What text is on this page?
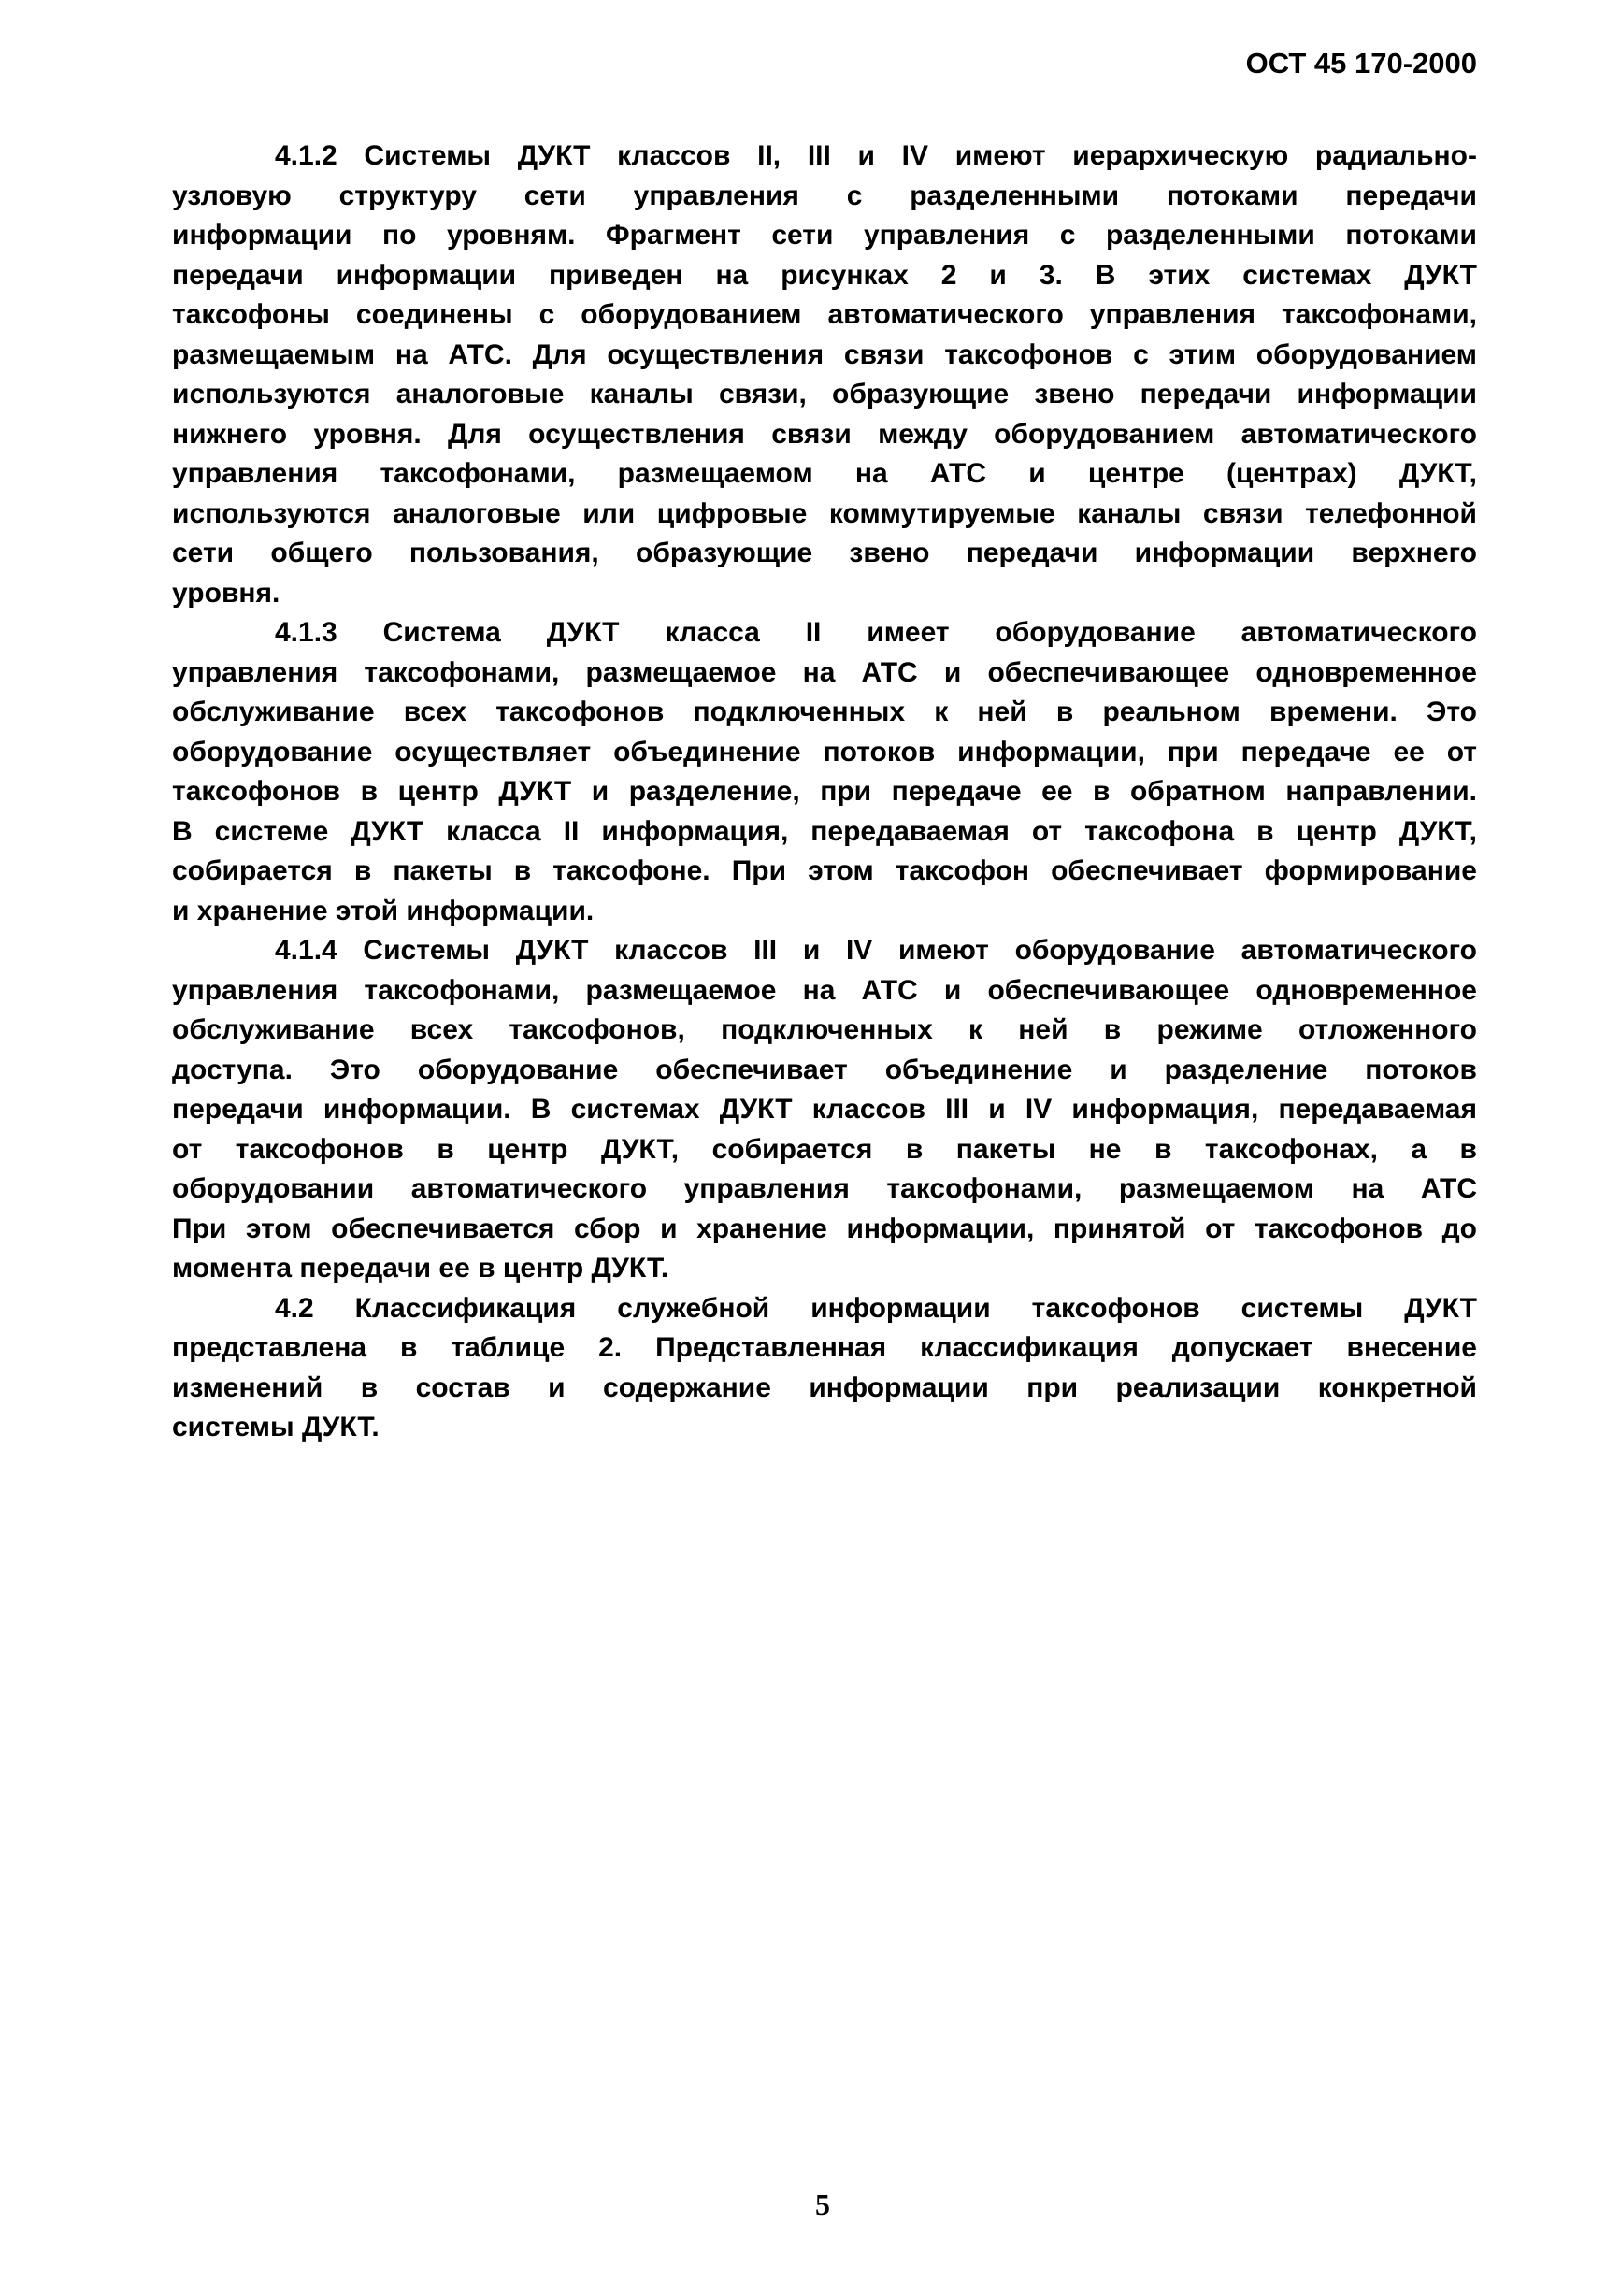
ОСТ 45 170-2000
4.1.2 Системы ДУКТ классов II, III и IV имеют иерархическую радиально-
узловую структуру сети управления с разделенными потоками передачи
информации по уровням. Фрагмент сети управления с разделенными потоками
передачи информации приведен на рисунках 2 и 3. В этих системах ДУКТ
таксофоны соединены с оборудованием автоматического управления таксофонами,
размещаемым на АТС. Для осуществления связи таксофонов с этим оборудованием
используются аналоговые каналы связи, образующие звено передачи информации
нижнего уровня. Для осуществления связи между оборудованием автоматического
управления таксофонами, размещаемом на АТС и центре (центрах) ДУКТ,
используются аналоговые или цифровые коммутируемые каналы связи телефонной
сети общего пользования, образующие звено передачи информации верхнего
уровня.
4.1.3 Система ДУКТ класса II имеет оборудование автоматического
управления таксофонами, размещаемое на АТС и обеспечивающее одновременное
обслуживание всех таксофонов подключенных к ней в реальном времени. Это
оборудование осуществляет объединение потоков информации, при передаче ее от
таксофонов в центр ДУКТ и разделение, при передаче ее в обратном направлении.
В системе ДУКТ класса II информация, передаваемая от таксофона в центр ДУКТ,
собирается в пакеты в таксофоне. При этом таксофон обеспечивает формирование
и хранение этой информации.
4.1.4 Системы ДУКТ классов III и IV имеют оборудование автоматического
управления таксофонами, размещаемое на АТС и обеспечивающее одновременное
обслуживание всех таксофонов, подключенных к ней в режиме отложенного
доступа. Это оборудование обеспечивает объединение и разделение потоков
передачи информации. В системах ДУКТ классов III и IV информация, передаваемая
от таксофонов в центр ДУКТ, собирается в пакеты не в таксофонах, а в
оборудовании автоматического управления таксофонами, размещаемом на АТС
При этом обеспечивается сбор и хранение информации, принятой от таксофонов до
момента передачи ее в центр ДУКТ.
4.2 Классификация служебной информации таксофонов системы ДУКТ
представлена в таблице 2. Представленная классификация допускает внесение
изменений в состав и содержание информации при реализации конкретной
системы ДУКТ.
5
